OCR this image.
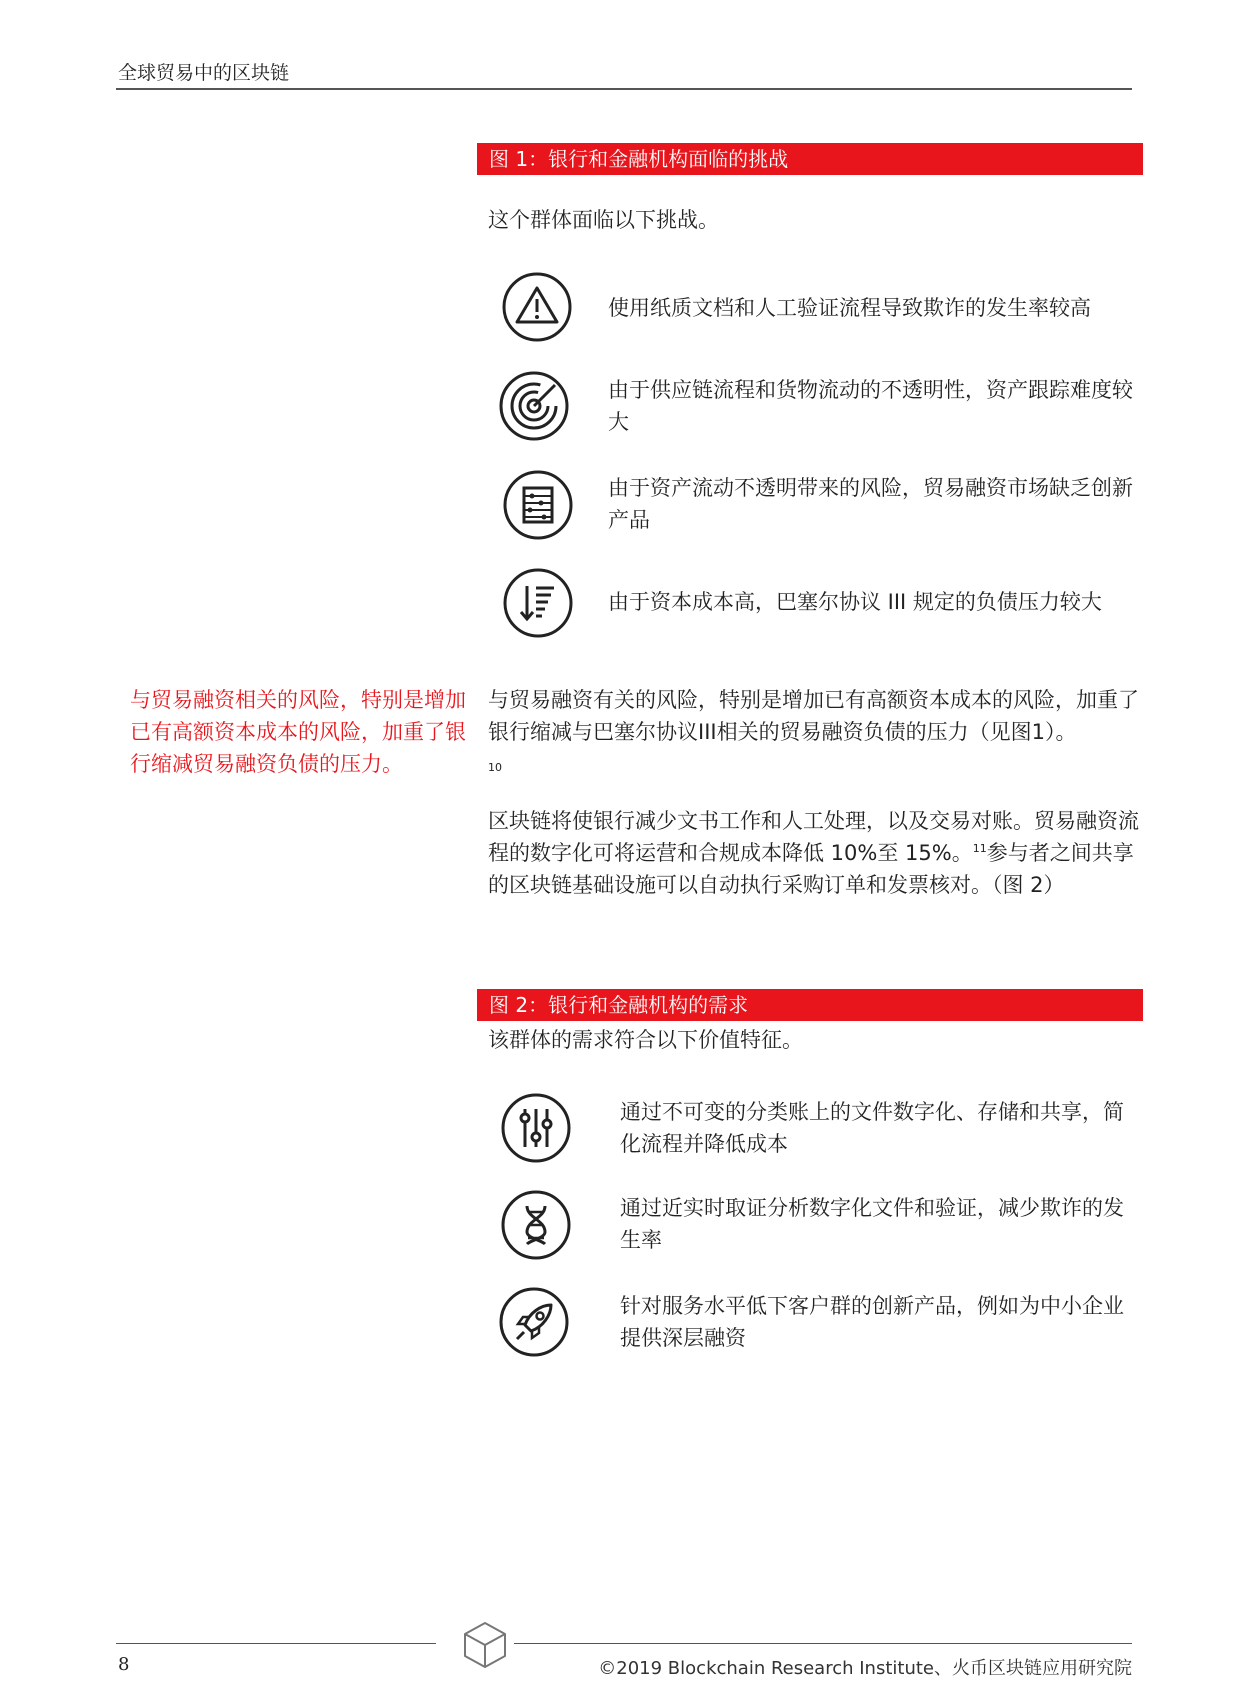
全球贸易中的区块链
图 1：银行和金融机构面临的挑战
这个群体面临以下挑战。
使用纸质文档和人工验证流程导致欺诈的发生率较高
由于供应链流程和货物流动的不透明性，资产跟踪难度较大
由于资产流动不透明带来的风险，贸易融资市场缺乏创新产品
由于资本成本高，巴塞尔协议 III 规定的负债压力较大
与贸易融资相关的风险，特别是增加已有高额资本成本的风险，加重了银行缩减贸易融资负债的压力。
与贸易融资有关的风险，特别是增加已有高额资本成本的风险，加重了银行缩减与巴塞尔协议III相关的贸易融资负债的压力（见图1）。
10
区块链将使银行减少文书工作和人工处理，以及交易对账。贸易融资流程的数字化可将运营和合规成本降低 10%至 15%。$^{11}$参与者之间共享的区块链基础设施可以自动执行采购订单和发票核对。（图 2）
图 2：银行和金融机构的需求
该群体的需求符合以下价值特征。
通过不可变的分类账上的文件数字化、存储和共享，简化流程并降低成本
通过近实时取证分析数字化文件和验证，减少欺诈的发生率
针对服务水平低下客户群的创新产品，例如为中小企业提供深层融资
8	©2019 Blockchain Research Institute、火币区块链应用研究院
